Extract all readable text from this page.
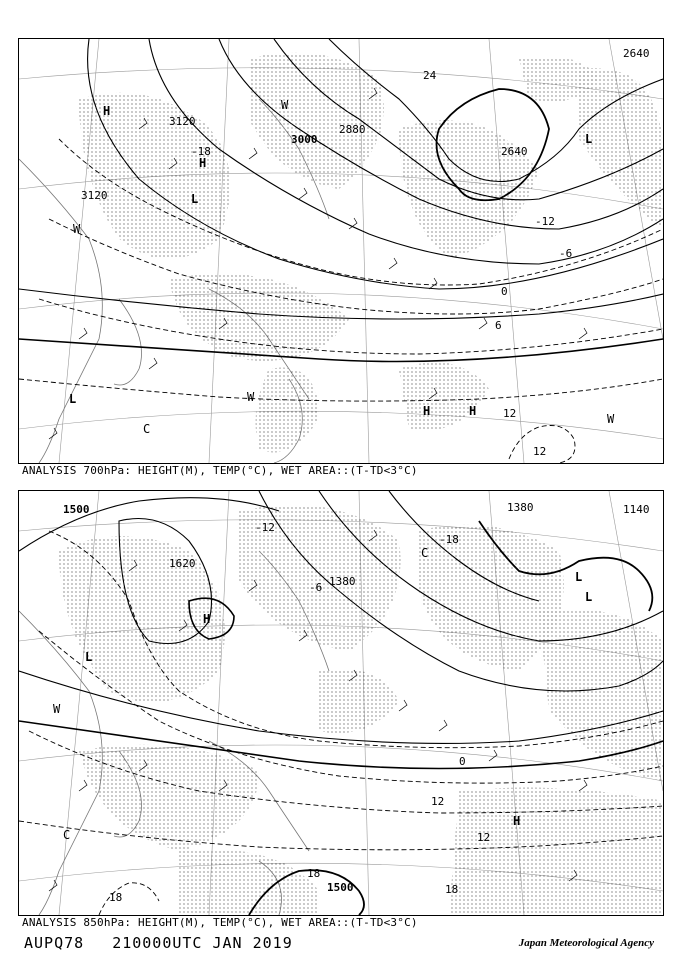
3120
3120
3000
2880
2640
2640
-18
-12
-6
0
6
12
12
24
H
H
H	H
L
L
L
W
W
W
W
C
ANALYSIS 700hPa: HEIGHT(M), TEMP(°C), WET AREA::(T-TD<3°C)
1500
1500
1620
1380
1380	1140
-18
-12
-6
0
12
12
18
18
18
H
H
L
L
L
W
C
C
ANALYSIS 850hPa: HEIGHT(M), TEMP(°C), WET AREA::(T-TD<3°C)
AUPQ78 210000UTC JAN 2019	Japan Meteorological Agency
